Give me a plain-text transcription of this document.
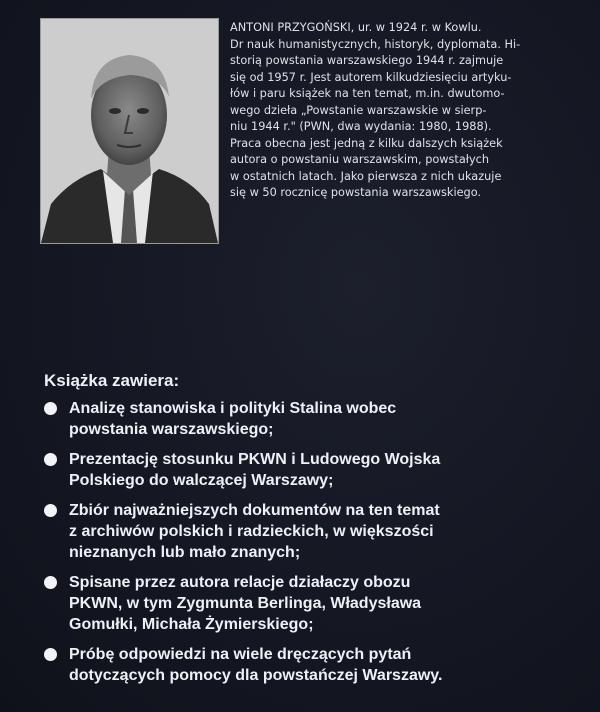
ANTONI PRZYGOŃSKI, ur. w 1924 r. w Kowlu.
Dr nauk humanistycznych, historyk, dyplomata. Hi-
storią powstania warszawskiego 1944 r. zajmuje
się od 1957 r. Jest autorem kilkudziesięciu artyku-
łów i paru książek na ten temat, m.in. dwutomo-
wego dzieła „Powstanie warszawskie w sierp-
niu 1944 r." (PWN, dwa wydania: 1980, 1988).
Praca obecna jest jedną z kilku dalszych książek
autora o powstaniu warszawskim, powstałych
w ostatnich latach. Jako pierwsza z nich ukazuje
się w 50 rocznicę powstania warszawskiego.
Książka zawiera:
Analizę stanowiska i polityki Stalina wobec
powstania warszawskiego;
Prezentację stosunku PKWN i Ludowego Wojska
Polskiego do walczącej Warszawy;
Zbiór najważniejszych dokumentów na ten temat
z archiwów polskich i radzieckich, w większości
nieznanych lub mało znanych;
Spisane przez autora relacje działaczy obozu
PKWN, w tym Zygmunta Berlinga, Władysława
Gomułki, Michała Żymierskiego;
Próbę odpowiedzi na wiele dręczących pytań
dotyczących pomocy dla powstańczej Warszawy.
